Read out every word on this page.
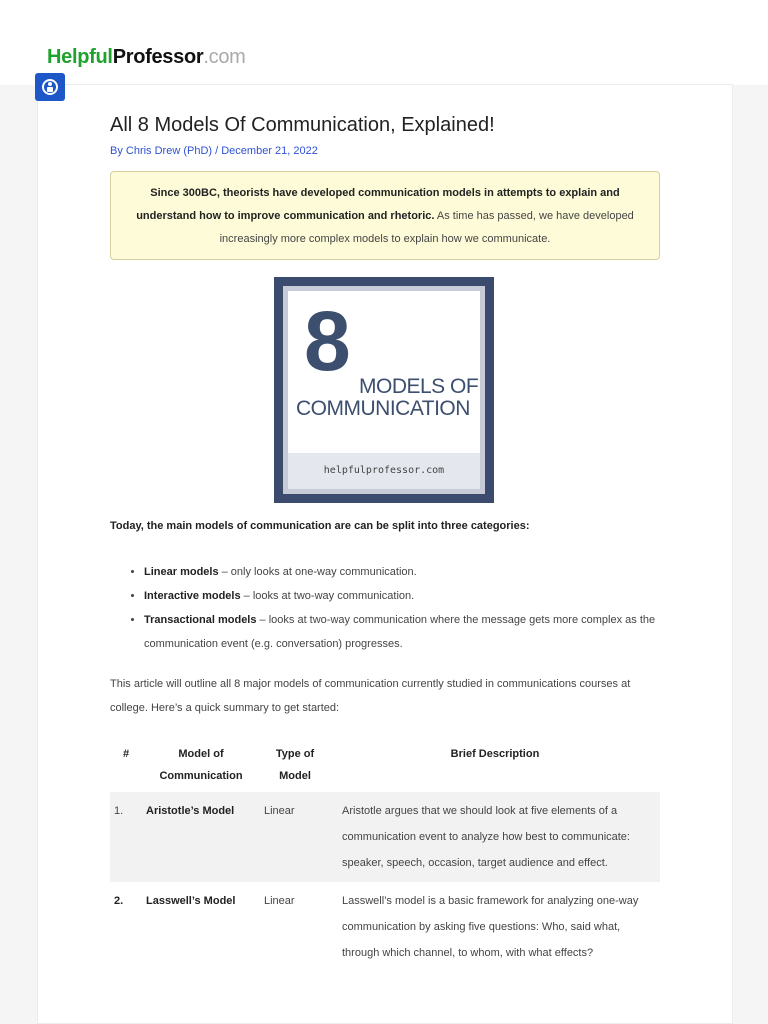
HelpfulProfessor.com
All 8 Models Of Communication, Explained!
By Chris Drew (PhD) / December 21, 2022
Since 300BC, theorists have developed communication models in attempts to explain and understand how to improve communication and rhetoric. As time has passed, we have developed increasingly more complex models to explain how we communicate.
8 MODELS OF
COMMUNICATION
helpfulprofessor.com
Today, the main models of communication are can be split into three categories:
• Linear models – only looks at one-way communication.
• Interactive models – looks at two-way communication.
• Transactional models – looks at two-way communication where the message gets more complex as the communication event (e.g. conversation) progresses.
This article will outline all 8 major models of communication currently studied in communications courses at college. Here’s a quick summary to get started:
#	Model of Communication	Type of Model	Brief Description
1.	Aristotle’s Model	Linear	Aristotle argues that we should look at five elements of a communication event to analyze how best to communicate: speaker, speech, occasion, target audience and effect.
2.	Lasswell’s Model	Linear	Lasswell’s model is a basic framework for analyzing one-way communication by asking five questions: Who, said what, through which channel, to whom, with what effects?
